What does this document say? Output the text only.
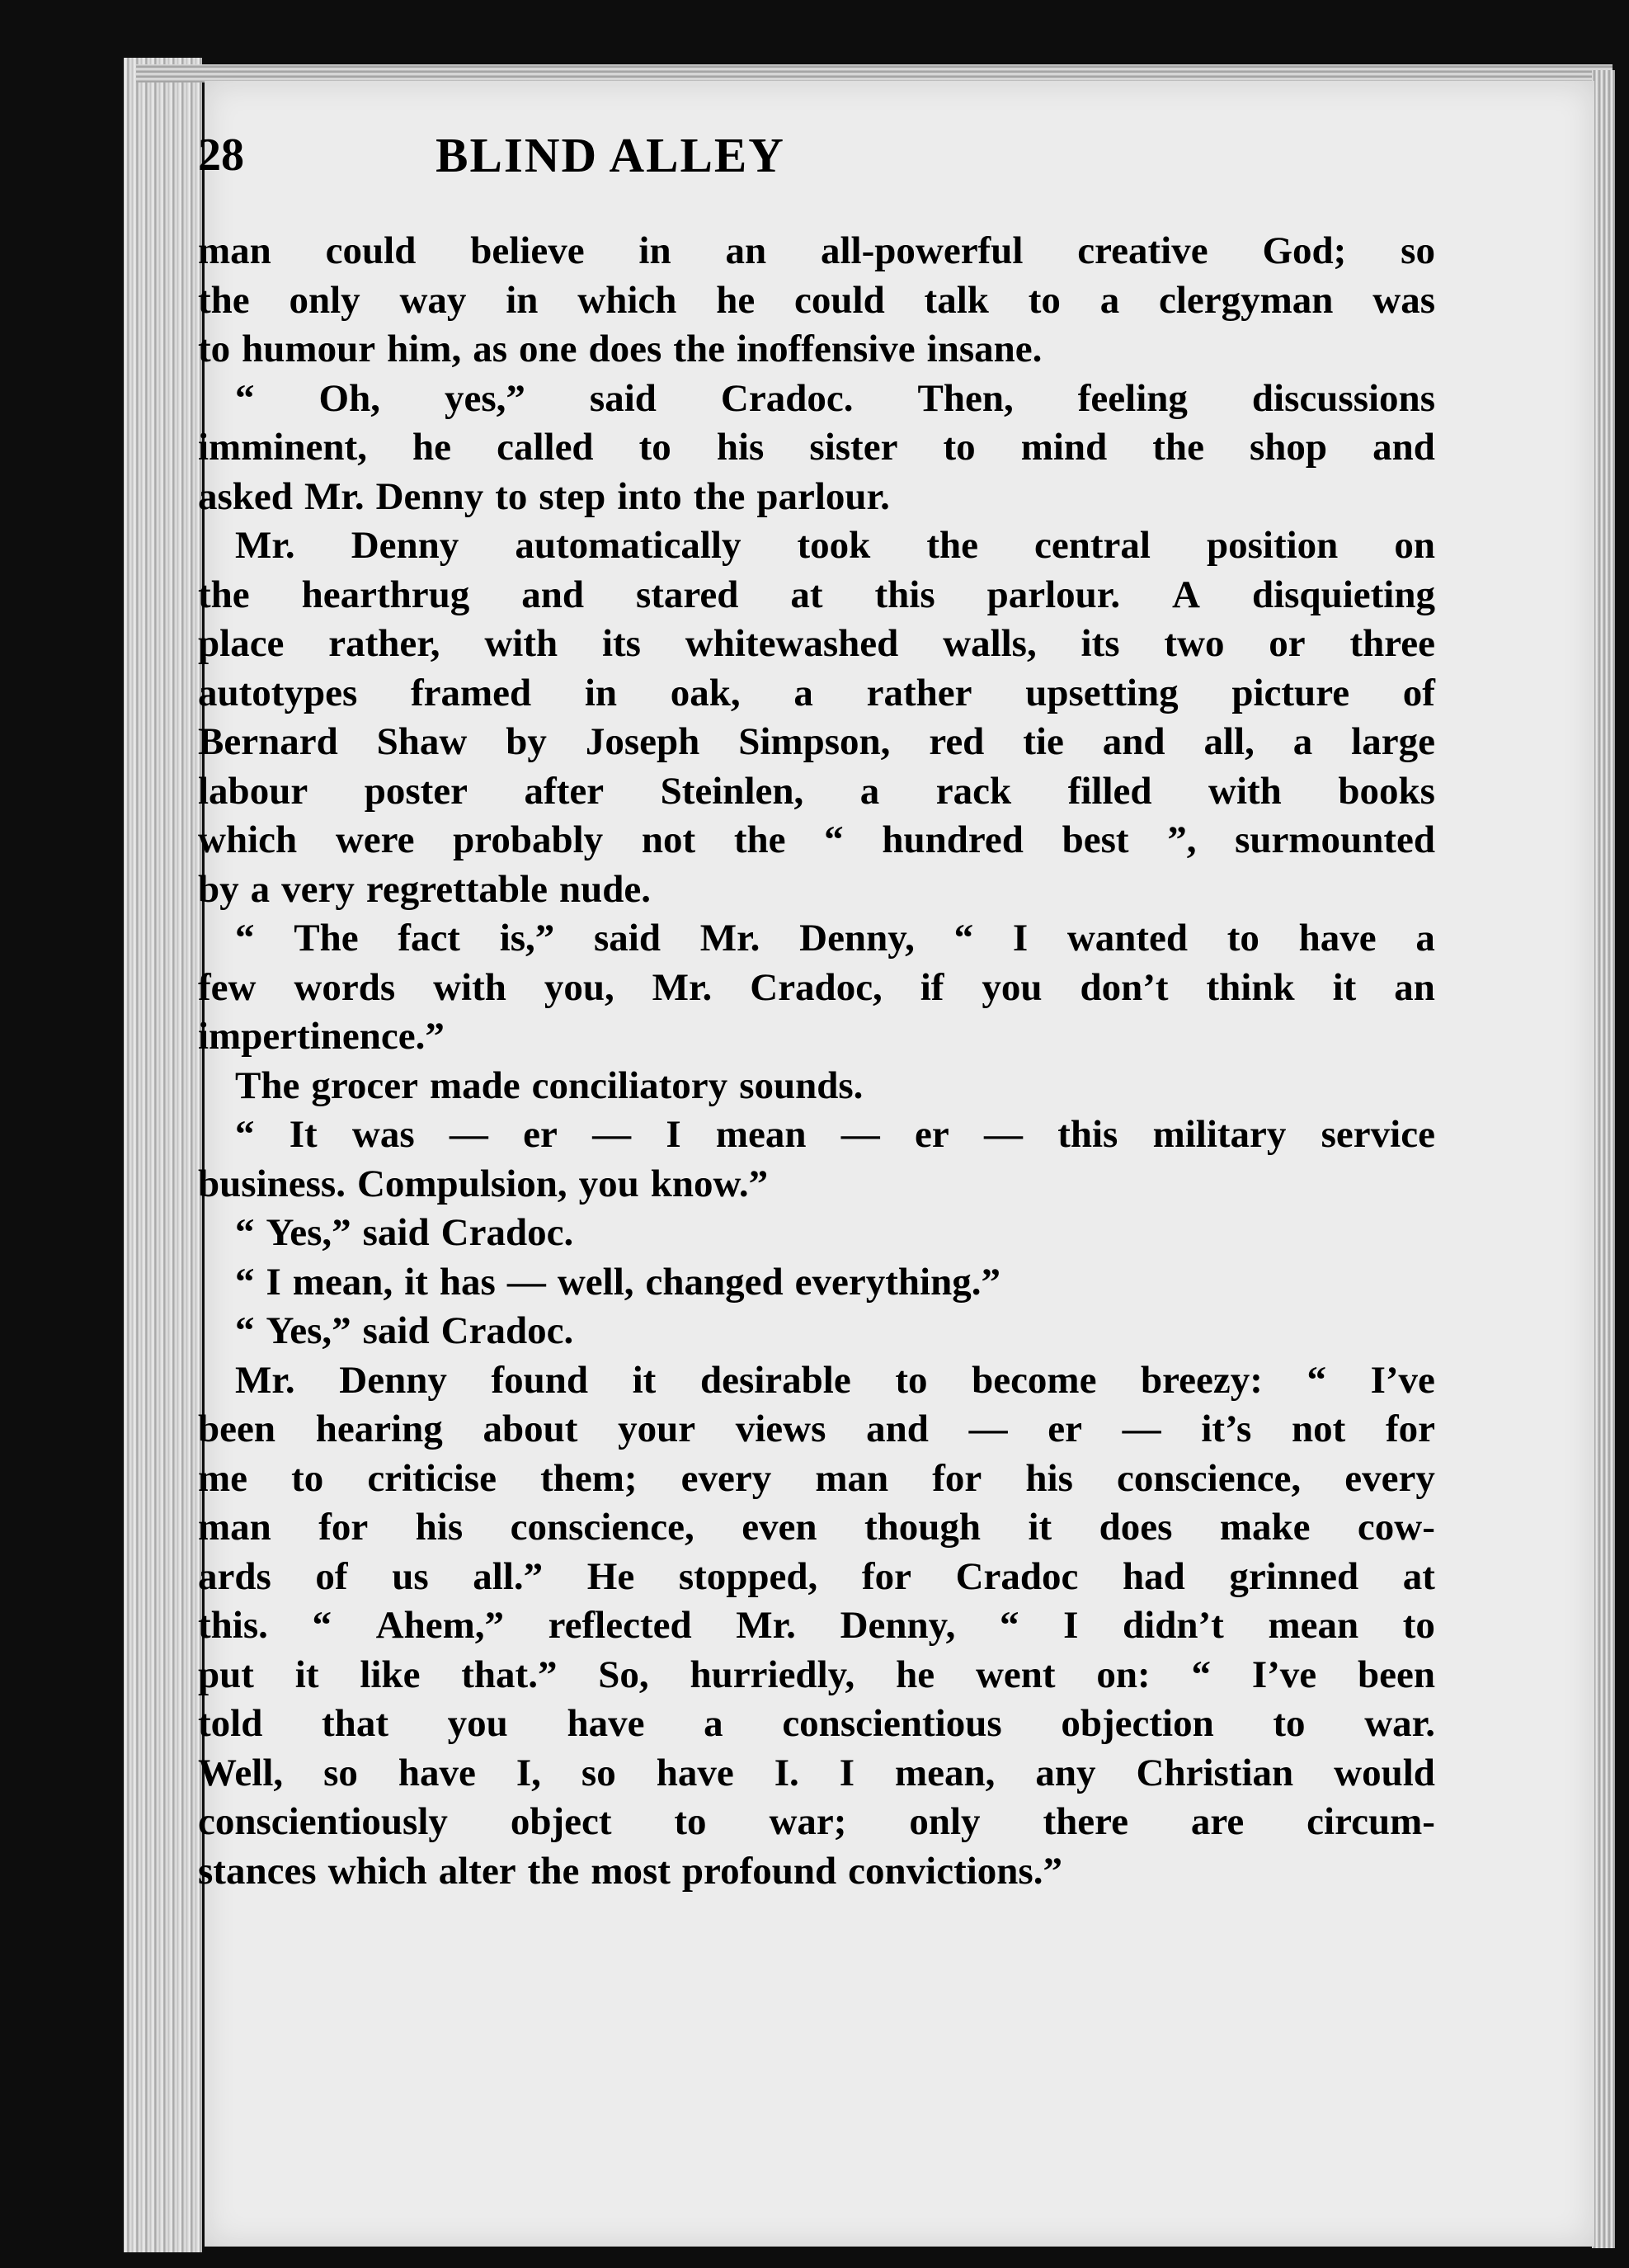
28	BLIND ALLEY
man could believe in an all-powerful creative God; so
the only way in which he could talk to a clergyman was
to humour him, as one does the inoffensive insane.
“ Oh, yes,” said Cradoc. Then, feeling discussions
imminent, he called to his sister to mind the shop and
asked Mr. Denny to step into the parlour.
Mr. Denny automatically took the central position on
the hearthrug and stared at this parlour. A disquieting
place rather, with its whitewashed walls, its two or three
autotypes framed in oak, a rather upsetting picture of
Bernard Shaw by Joseph Simpson, red tie and all, a large
labour poster after Steinlen, a rack filled with books
which were probably not the “ hundred best ”, surmounted
by a very regrettable nude.
“ The fact is,” said Mr. Denny, “ I wanted to have a
few words with you, Mr. Cradoc, if you don’t think it an
impertinence.”
The grocer made conciliatory sounds.
“ It was — er — I mean — er — this military service
business. Compulsion, you know.”
“ Yes,” said Cradoc.
“ I mean, it has — well, changed everything.”
“ Yes,” said Cradoc.
Mr. Denny found it desirable to become breezy: “ I’ve
been hearing about your views and — er — it’s not for
me to criticise them; every man for his conscience, every
man for his conscience, even though it does make cow-
ards of us all.” He stopped, for Cradoc had grinned at
this. “ Ahem,” reflected Mr. Denny, “ I didn’t mean to
put it like that.” So, hurriedly, he went on: “ I’ve been
told that you have a conscientious objection to war.
Well, so have I, so have I. I mean, any Christian would
conscientiously object to war; only there are circum-
stances which alter the most profound convictions.”
